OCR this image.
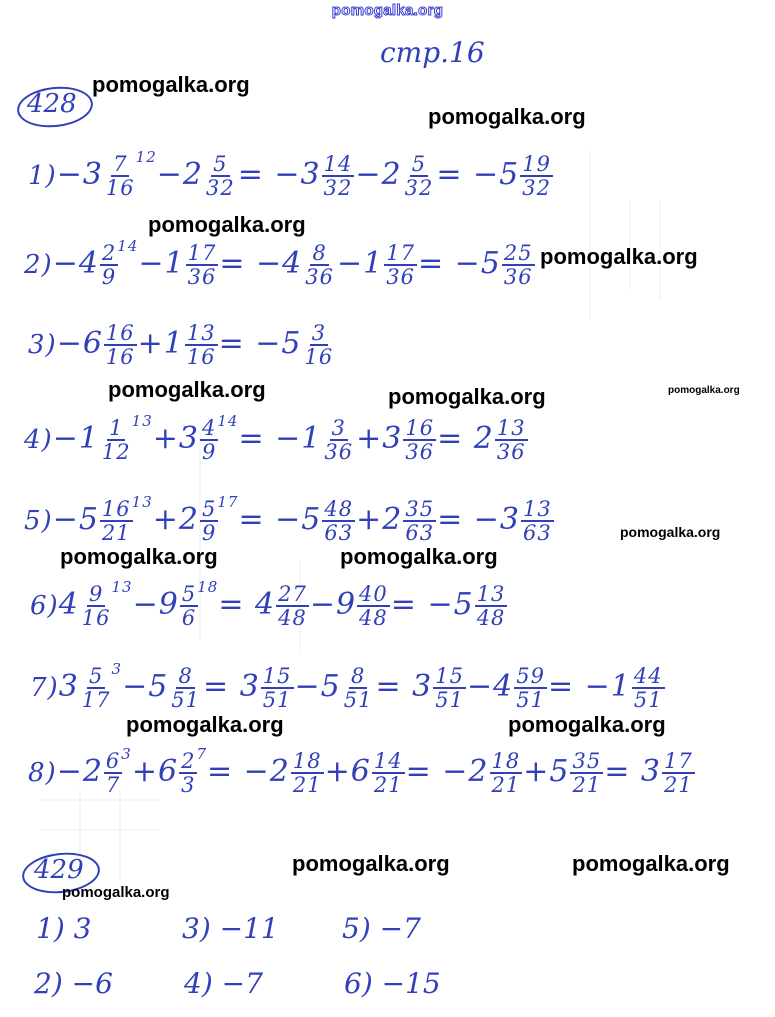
pomogalka.org
стр.16
428
$1)-3 \frac{7}{16} ^{12}-2 \frac{5}{32} = -3 \frac{14}{32} -2 \frac{5}{32} = -5 \frac{19}{32}$
$2)-4 \frac{2}{9} ^{14}-1 \frac{17}{36} = -4 \frac{8}{36} -1 \frac{17}{36} = -5 \frac{25}{36}$
$3)-6 \frac{16}{16} +1 \frac{13}{16} = -5 \frac{3}{16}$
$4)-1 \frac{1}{12} ^{13}+3 \frac{4}{9} ^{14}= -1 \frac{3}{36} +3 \frac{16}{36} = 2 \frac{13}{36}$
$5)-5 \frac{16}{21} ^{13}+2 \frac{5}{9} ^{17}= -5 \frac{48}{63} +2 \frac{35}{63} = -3 \frac{13}{63}$
$6)4 \frac{9}{16} ^{13}-9 \frac{5}{6} ^{18}= 4 \frac{27}{48} -9 \frac{40}{48} = -5 \frac{13}{48}$
$7)3 \frac{5}{17} ^3-5 \frac{8}{51} = 3 \frac{15}{51} -5 \frac{8}{51} = 3 \frac{15}{51} -4 \frac{59}{51} = -1 \frac{44}{51}$
$8)-2 \frac{6}{7} ^3+6 \frac{2}{3} ^7= -2 \frac{18}{21} +6 \frac{14}{21} = -2 \frac{18}{21} +5 \frac{35}{21} = 3 \frac{17}{21}$
429
1) 3	3) −11 5) −7
2) −6	4) −7	6) −15
pomogalka.org
pomogalka.org
pomogalka.org
pomogalka.org
pomogalka.org	pomogalka.org	pomogalka.org
pomogalka.org
pomogalka.org	pomogalka.org
pomogalka.org	pomogalka.org
pomogalka.org	pomogalka.org
pomogalka.org
